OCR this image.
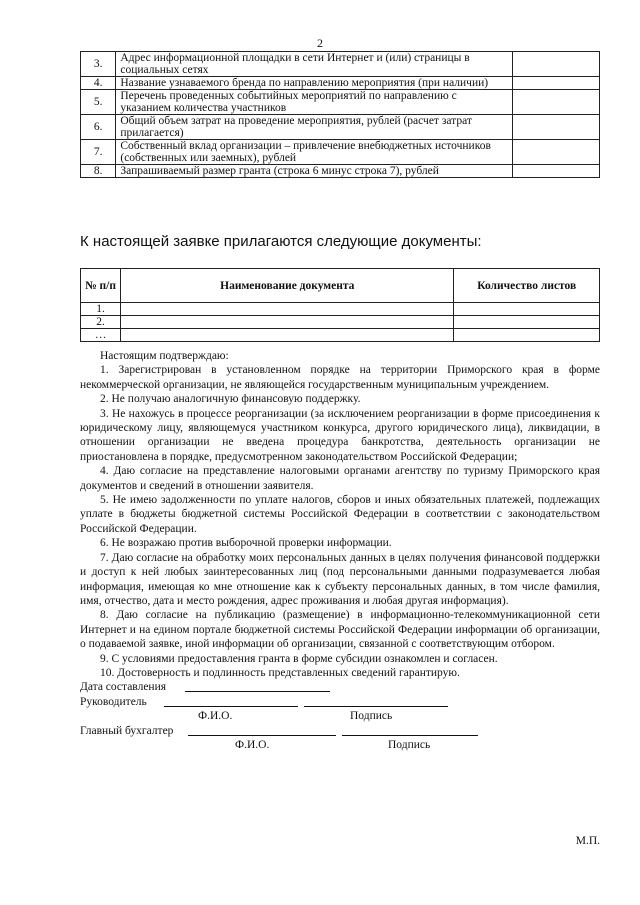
2
3.	Адрес информационной площадки в сети Интернет и (или) страницы в социальных сетях	
4.	Название узнаваемого бренда по направлению мероприятия (при наличии)	
5.	Перечень проведенных событийных мероприятий по направлению с указанием количества участников	
6.	Общий объем затрат на проведение мероприятия, рублей (расчет затрат прилагается)	
7.	Собственный вклад организации – привлечение внебюджетных источников (собственных или заемных), рублей	
8.	Запрашиваемый размер гранта (строка 6 минус строка 7), рублей	
К настоящей заявке прилагаются следующие документы:
№ п/п	Наименование документа	Количество листов
1.		
2.		
…		

Настоящим подтверждаю:

1. Зарегистрирован в установленном порядке на территории Приморского края в форме некоммерческой организации, не являющейся государственным муниципальным учреждением.

2. Не получаю аналогичную финансовую поддержку.

3. Не нахожусь в процессе реорганизации (за исключением реорганизации в форме присоединения к юридическому лицу, являющемуся участником конкурса, другого юридического лица), ликвидации, в отношении организации не введена процедура банкротства, деятельность организации не приостановлена в порядке, предусмотренном законодательством Российской Федерации;

4. Даю согласие на представление налоговыми органами агентству по туризму Приморского края документов и сведений в отношении заявителя.

5. Не имею задолженности по уплате налогов, сборов и иных обязательных платежей, подлежащих уплате в бюджеты бюджетной системы Российской Федерации в соответствии с законодательством Российской Федерации.

6. Не возражаю против выборочной проверки информации.

7. Даю согласие на обработку моих персональных данных в целях получения финансовой поддержки и доступ к ней любых заинтересованных лиц (под персональными данными подразумевается любая информация, имеющая ко мне отношение как к субъекту персональных данных, в том числе фамилия, имя, отчество, дата и место рождения, адрес проживания и любая другая информация).

8. Даю согласие на публикацию (размещение) в информационно-телекоммуникационной сети Интернет и на едином портале бюджетной системы Российской Федерации информации об организации, о подаваемой заявке, иной информации об организации, связанной с соответствующим отбором.

9. С условиями предоставления гранта в форме субсидии ознакомлен и согласен.

10. Достоверность и подлинность представленных сведений гарантирую.

Дата составления
Руководитель
Ф.И.О.	Подпись
Главный бухгалтер
Ф.И.О.	Подпись
М.П.
